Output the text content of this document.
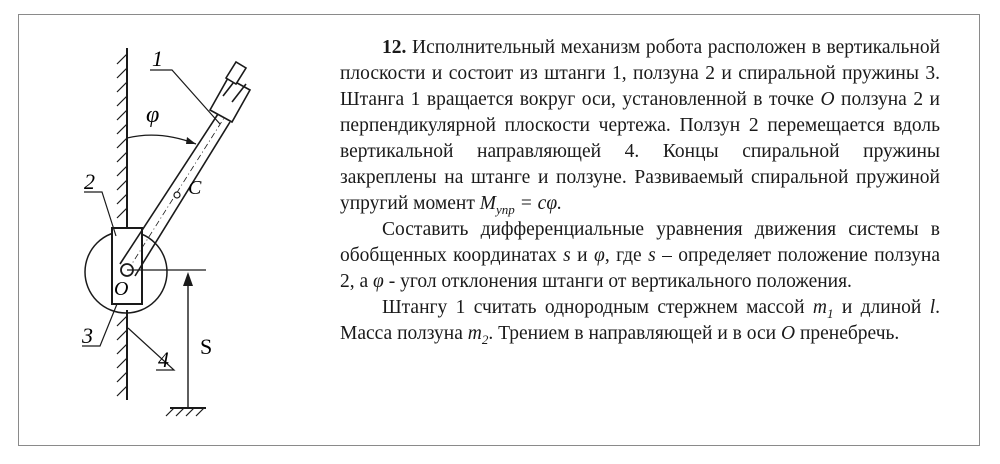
1
2
3
4
φ
C
O
S

12. Исполнительный механизм робота расположен в вертикальной плоскости и состоит из штанги 1, ползуна 2 и спиральной пружины 3. Штанга 1 вращается вокруг оси, установленной в точке O ползуна 2 и перпендикулярной плоскости чертежа. Ползун 2 перемещается вдоль вертикальной направляющей 4. Концы спиральной пружины закреплены на штанге и ползуне. Развиваемый спиральной пружиной упругий момент $M_{упр} = c\varphi$.

Составить дифференциальные уравнения движения системы в обобщенных координатах s и φ, где s – определяет положение ползуна 2, а φ - угол отклонения штанги от вертикального положения.

Штангу 1 считать однородным стержнем массой $m_1$ и длиной l. Масса ползуна $m_2$. Трением в направляющей и в оси O пренебречь.
